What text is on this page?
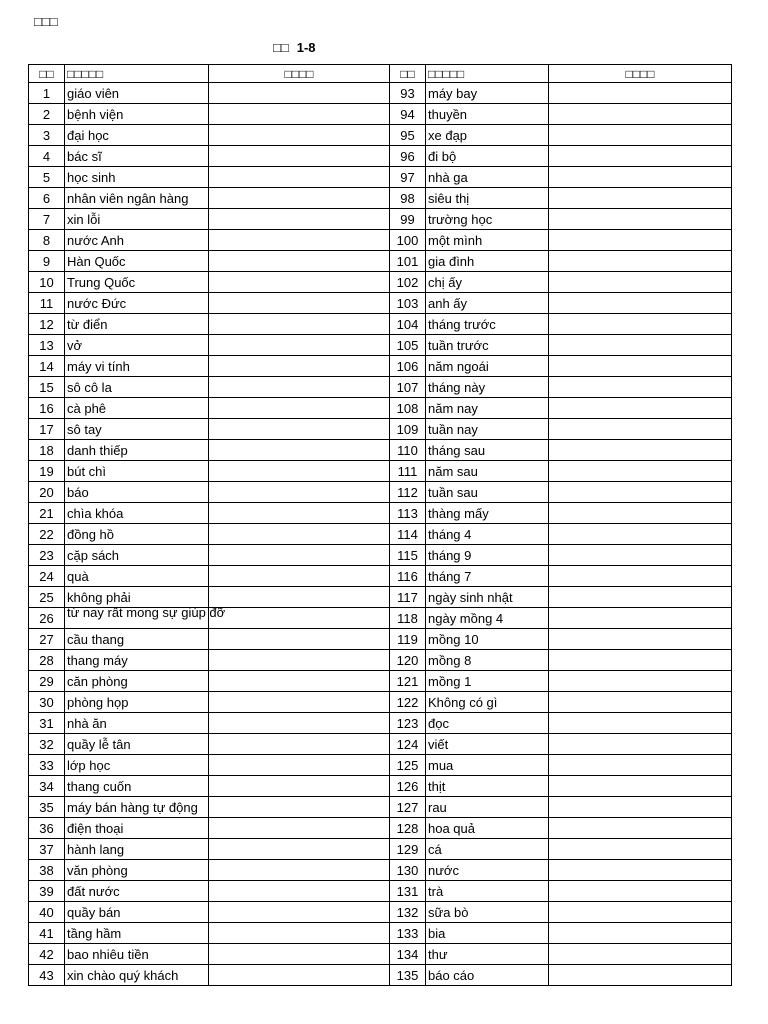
□□□
□□ 1-8
□□	□□□□□	□□□□	□□	□□□□□	□□□□
1	giáo viên		93	máy bay	
2	bệnh viện		94	thuyền	
3	đại học		95	xe đạp	
4	bác sĩ		96	đi bộ	
5	học sinh		97	nhà ga	
6	nhân viên ngân hàng		98	siêu thị	
7	xin lỗi		99	trường học	
8	nước Anh		100	một mình	
9	Hàn Quốc		101	gia đình	
10	Trung Quốc		102	chị ấy	
11	nước Đức		103	anh ấy	
12	từ điển		104	tháng trước	
13	vở		105	tuần trước	
14	máy vi tính		106	năm ngoái	
15	sô cô la		107	tháng này	
16	cà phê		108	năm nay	
17	sô tay		109	tuần nay	
18	danh thiếp		110	tháng sau	
19	bút chì		111	năm sau	
20	báo		112	tuần sau	
21	chìa khóa		113	thàng mấy	
22	đồng hồ		114	tháng 4	
23	cặp sách		115	tháng 9	
24	quà		116	tháng 7	
25	không phải		117	ngày sinh nhật	
26	từ nay rất mong sự giúp đỡ		118	ngày mồng 4	
27	cầu thang		119	mồng 10	
28	thang máy		120	mồng 8	
29	căn phòng		121	mồng 1	
30	phòng họp		122	Không có gì	
31	nhà ăn		123	đọc	
32	quầy lễ tân		124	viết	
33	lớp học		125	mua	
34	thang cuốn		126	thịt	
35	máy bán hàng tự động		127	rau	
36	điện thoại		128	hoa quả	
37	hành lang		129	cá	
38	văn phòng		130	nước	
39	đất nước		131	trà	
40	quầy bán		132	sữa bò	
41	tầng hầm		133	bia	
42	bao nhiêu tiền		134	thư	
43	xin chào quý khách		135	báo cáo	
